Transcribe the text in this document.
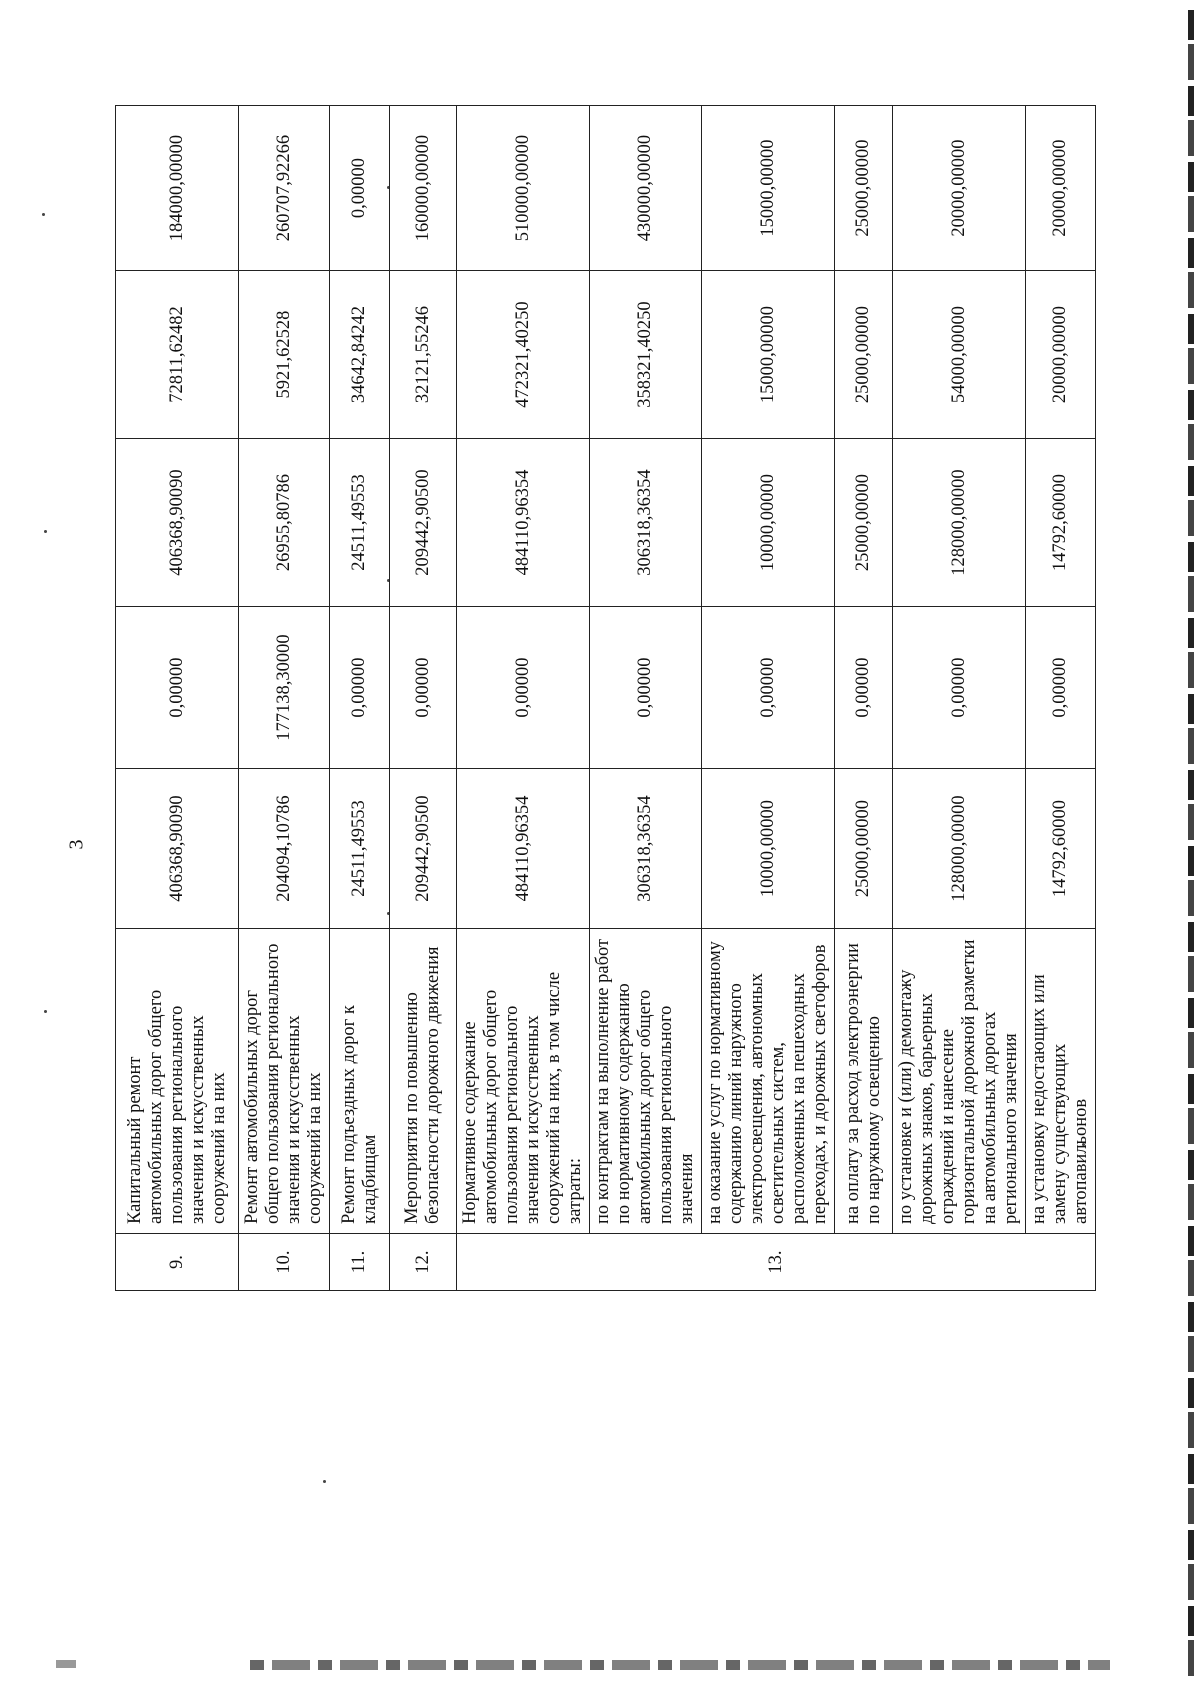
3
9.	Капитальный ремонт автомобильных дорог общего пользования регионального значения и искусственных сооружений на них	406368,90090	0,00000	406368,90090	72811,62482	184000,00000
10.	Ремонт автомобильных дорог общего пользования регионального значения и искусственных сооружений на них	204094,10786	177138,30000	26955,80786	5921,62528	260707,92266
11.	Ремонт подъездных дорог к кладбищам	24511,49553	0,00000	24511,49553	34642,84242	0,00000
12.	Мероприятия по повышению безопасности дорожного движения	209442,90500	0,00000	209442,90500	32121,55246	160000,00000
13.	Нормативное содержание автомобильных дорог общего пользования регионального значения и искусственных сооружений на них, в том числе затраты:	484110,96354	0,00000	484110,96354	472321,40250	510000,00000
	по контрактам на выполнение работ по нормативному содержанию автомобильных дорог общего пользования регионального значения	306318,36354	0,00000	306318,36354	358321,40250	430000,00000
	на оказание услуг по нормативному содержанию линий наружного электроосвещения, автономных осветительных систем, расположенных на пешеходных переходах, и дорожных светофоров	10000,00000	0,00000	10000,00000	15000,00000	15000,00000
	на оплату за расход электроэнергии по наружному освещению	25000,00000	0,00000	25000,00000	25000,00000	25000,00000
	по установке и (или) демонтажу дорожных знаков, барьерных ограждений и нанесение горизонтальной дорожной разметки на автомобильных дорогах регионального значения	128000,00000	0,00000	128000,00000	54000,00000	20000,00000
	на установку недостающих или замену существующих автопавильонов	14792,60000	0,00000	14792,60000	20000,00000	20000,00000
